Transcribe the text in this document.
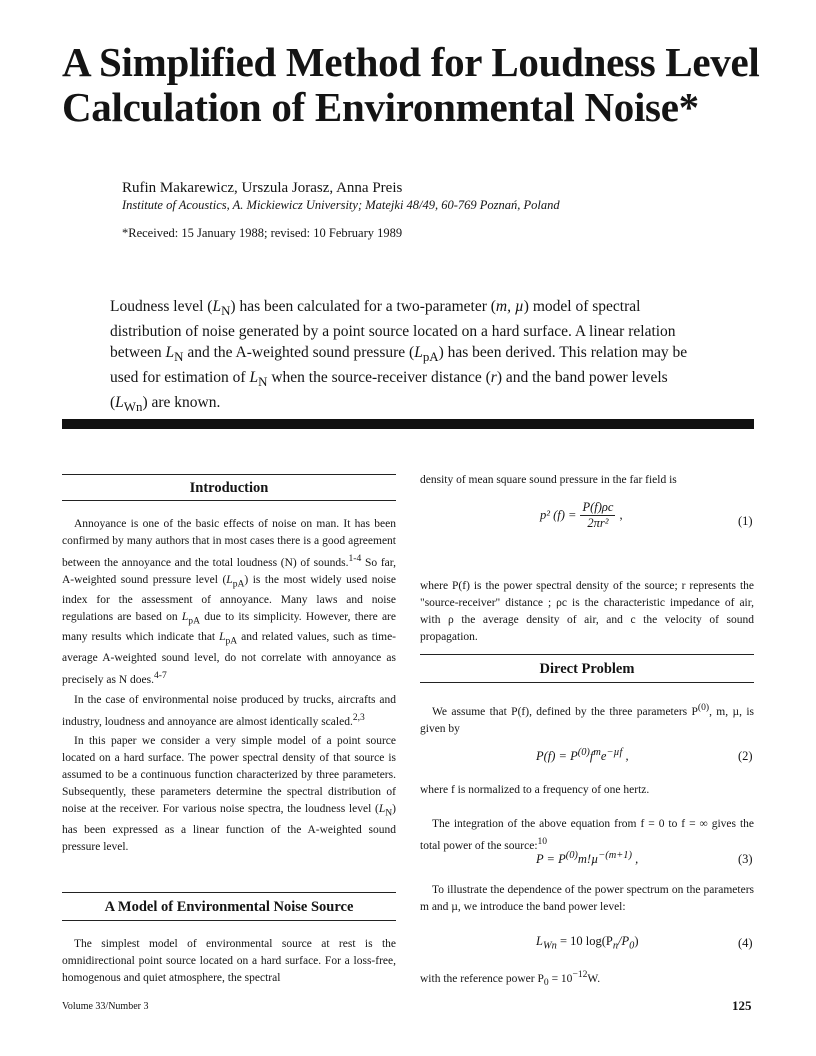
A Simplified Method for Loudness Level
Calculation of Environmental Noise*
Rufin Makarewicz, Urszula Jorasz, Anna Preis
Institute of Acoustics, A. Mickiewicz University; Matejki 48/49, 60-769 Poznań, Poland
*Received: 15 January 1988; revised: 10 February 1989

Loudness level $(L_N)$ has been calculated for a two-parameter (m, µ) model of spectral distribution of noise generated by a point source located on a hard surface. A linear relation between $L_N$ and the A-weighted sound pressure $(L_{pA})$ has been derived. This relation may be used for estimation of $L_N$ when the source-receiver distance (r) and the band power levels $(L_{Wn})$ are known.

Introduction

Annoyance is one of the basic effects of noise on man. It has been confirmed by many authors that in most cases there is a good agreement between the annoyance and the total loudness (N) of sounds.$^{1-4}$ So far, A-weighted sound pressure level $(L_{pA})$ is the most widely used noise index for the assessment of annoyance. Many laws and noise regulations are based on $L_{pA}$ due to its simplicity. However, there are many results which indicate that $L_{pA}$ and related values, such as time-average A-weighted sound level, do not correlate with annoyance as precisely as N does.$^{4-7}$

In the case of environmental noise produced by trucks, aircrafts and industry, loudness and annoyance are almost identically scaled.$^{2,3}$

In this paper we consider a very simple model of a point source located on a hard surface. The power spectral density of that source is assumed to be a continuous function characterized by three parameters. Subsequently, these parameters determine the spectral distribution of noise at the receiver. For various noise spectra, the loudness level $(L_N)$ has been expressed as a linear function of the A-weighted sound pressure level.

A Model of Environmental Noise Source

The simplest model of environmental source at rest is the omnidirectional point source located on a hard surface. For a loss-free, homogenous and quiet atmosphere, the spectral

density of mean square sound pressure in the far field is
p² $(f) = \frac{P(f)\rho c}{\text{2πr²}}$ ,	(1)
where P(f) is the power spectral density of the source; r represents the "source-receiver" distance ; ρc is the characteristic impedance of air, with ρ the average density of air, and c the velocity of sound propagation.
Direct Problem

We assume that P(f), defined by the three parameters $P^{(0)}$, m, µ, is given by

$P(f) = P^{(0)}f^me^{-\mu f}$ ,	(2)
where f is normalized to a frequency of one hertz.

The integration of the above equation from f = 0 to f = ∞ gives the total power of the source:$^{10}$

$P = P^{(0)}m!\mu^{-(m+1)}$ ,	(3)

To illustrate the dependence of the power spectrum on the parameters m and µ, we introduce the band power level:

$L_{Wn} = 10$ $\log(P_n/P_0)$	(4)
with the reference power $P_0 = 10^{-12}W$.
Volume 33/Number 3	125
